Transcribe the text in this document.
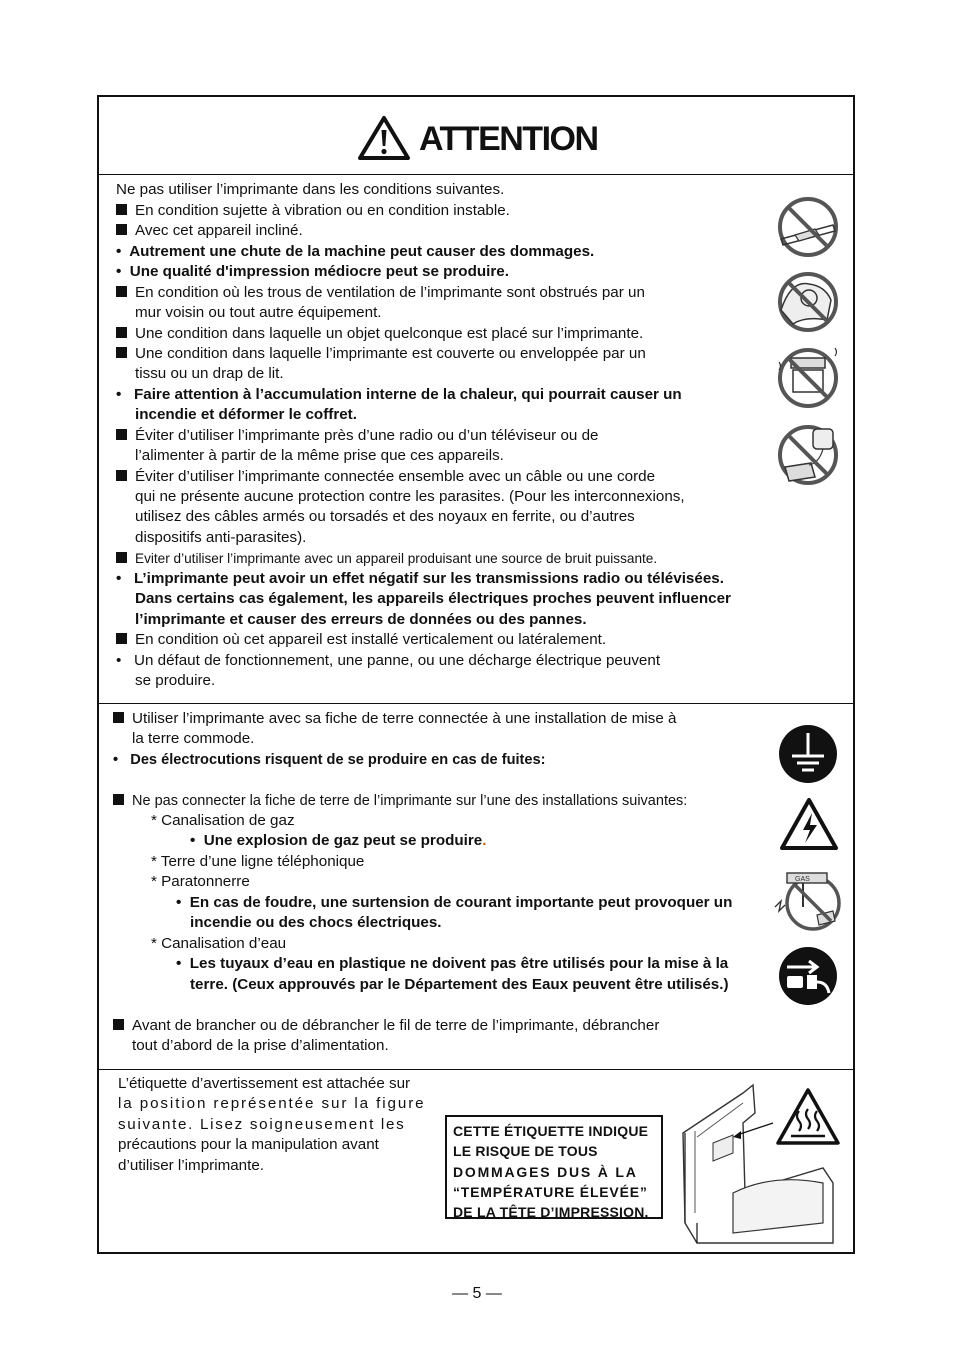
ATTENTION
Ne pas utiliser l’imprimante dans les conditions suivantes.
En condition sujette à vibration ou en condition instable.
Avec cet appareil incliné.
•  Autrement une chute de la machine peut causer des dommages.
•  Une qualité d'impression médiocre peut se produire.
En condition où les trous de ventilation de l’imprimante sont obstrués par un
mur voisin ou tout autre équipement.
Une condition dans laquelle un objet quelconque est placé sur l’imprimante.
Une condition dans laquelle l’imprimante est couverte ou enveloppée par un
tissu ou un drap de lit.
•   Faire attention à l’accumulation interne de la chaleur, qui pourrait causer un
incendie et déformer le coffret.
Éviter d’utiliser l’imprimante près d’une radio ou d’un téléviseur ou de
l’alimenter à partir de la même prise que ces appareils.
Éviter d’utiliser l’imprimante connectée ensemble avec un câble ou une corde
qui ne présente aucune protection contre les parasites. (Pour les interconnexions,
utilisez des câbles armés ou torsadés et des noyaux en ferrite, ou d’autres
dispositifs anti-parasites).
Eviter d’utiliser l’imprimante avec un appareil produisant une source de bruit puissante.
•   L’imprimante peut avoir un effet négatif sur les transmissions radio ou télévisées.
Dans certains cas également, les appareils électriques proches peuvent influencer
l’imprimante et causer des erreurs de données ou des pannes.
En condition où cet appareil est installé verticalement ou latéralement.
•   Un défaut de fonctionnement, une panne, ou une décharge électrique peuvent
se produire.
Utiliser l’imprimante avec sa fiche de terre connectée à une installation de mise à
la terre commode.
•   Des électrocutions risquent de se produire en cas de fuites:
Ne pas connecter la fiche de terre de l’imprimante sur l’une des installations suivantes:
* Canalisation de gaz
•  Une explosion de gaz peut se produire.
* Terre d’une ligne téléphonique
* Paratonnerre
•  En cas de foudre, une surtension de courant importante peut provoquer un
incendie ou des chocs électriques.
* Canalisation d’eau
•  Les tuyaux d’eau en plastique ne doivent pas être utilisés pour la mise à la
terre. (Ceux approuvés par le Département des Eaux peuvent être utilisés.)
Avant de brancher ou de débrancher le fil de terre de l’imprimante, débrancher
tout d’abord de la prise d’alimentation.
GAS
L’étiquette d’avertissement est attachée sur
la position représentée sur la figure
suivante. Lisez soigneusement les
précautions pour la manipulation avant
d’utiliser l’imprimante.
CETTE ÉTIQUETTE INDIQUE
LE RISQUE DE TOUS
DOMMAGES DUS À LA
“TEMPÉRATURE ÉLEVÉE”
DE LA TÊTE D’IMPRESSION.
— 5 —
